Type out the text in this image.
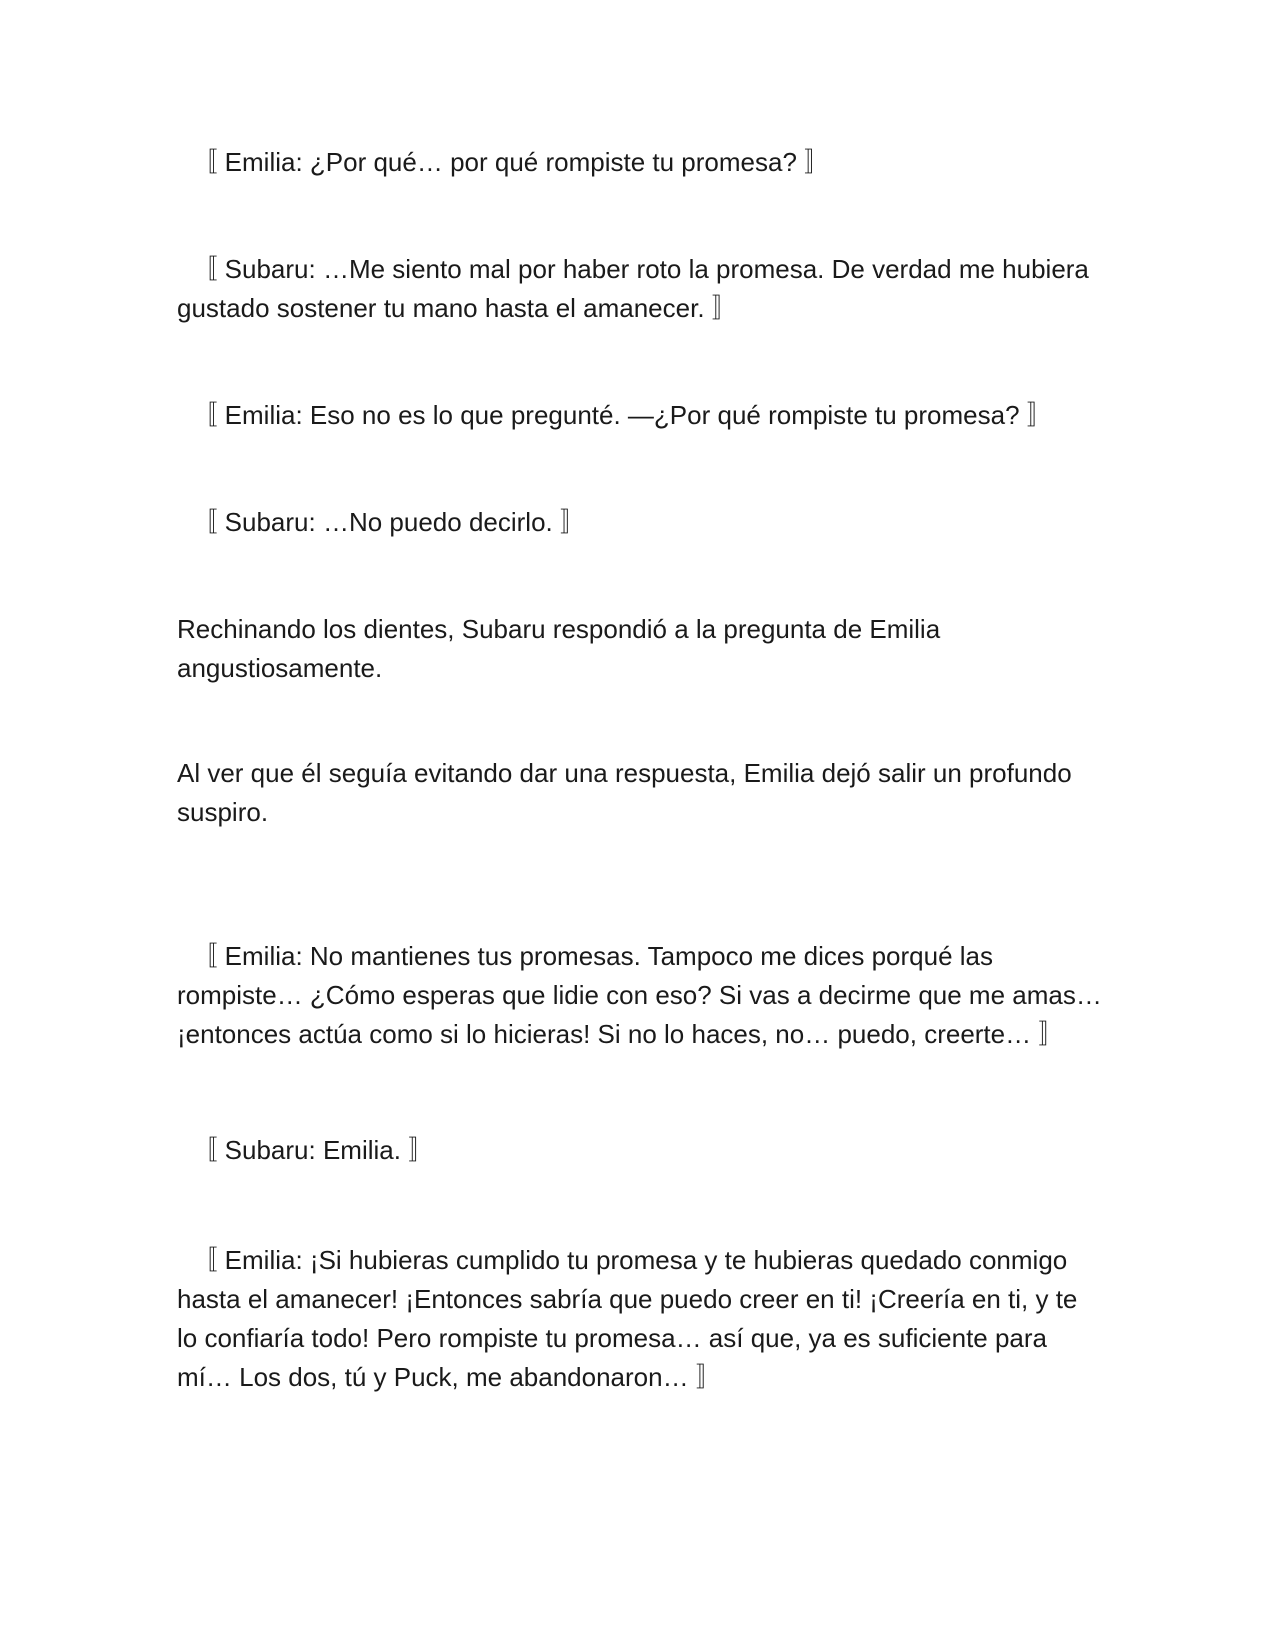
〚 Emilia: ¿Por qué… por qué rompiste tu promesa? 〛

〚 Subaru: …Me siento mal por haber roto la promesa. De verdad me hubiera
gustado sostener tu mano hasta el amanecer. 〛

〚 Emilia: Eso no es lo que pregunté. —¿Por qué rompiste tu promesa? 〛

〚 Subaru: …No puedo decirlo. 〛

Rechinando los dientes, Subaru respondió a la pregunta de Emilia
angustiosamente.

Al ver que él seguía evitando dar una respuesta, Emilia dejó salir un profundo
suspiro.

〚 Emilia: No mantienes tus promesas. Tampoco me dices porqué las
rompiste… ¿Cómo esperas que lidie con eso? Si vas a decirme que me amas…
¡entonces actúa como si lo hicieras! Si no lo haces, no… puedo, creerte… 〛

〚 Subaru: Emilia. 〛

〚 Emilia: ¡Si hubieras cumplido tu promesa y te hubieras quedado conmigo
hasta el amanecer! ¡Entonces sabría que puedo creer en ti! ¡Creería en ti, y te
lo confiaría todo! Pero rompiste tu promesa… así que, ya es suficiente para
mí… Los dos, tú y Puck, me abandonaron… 〛
